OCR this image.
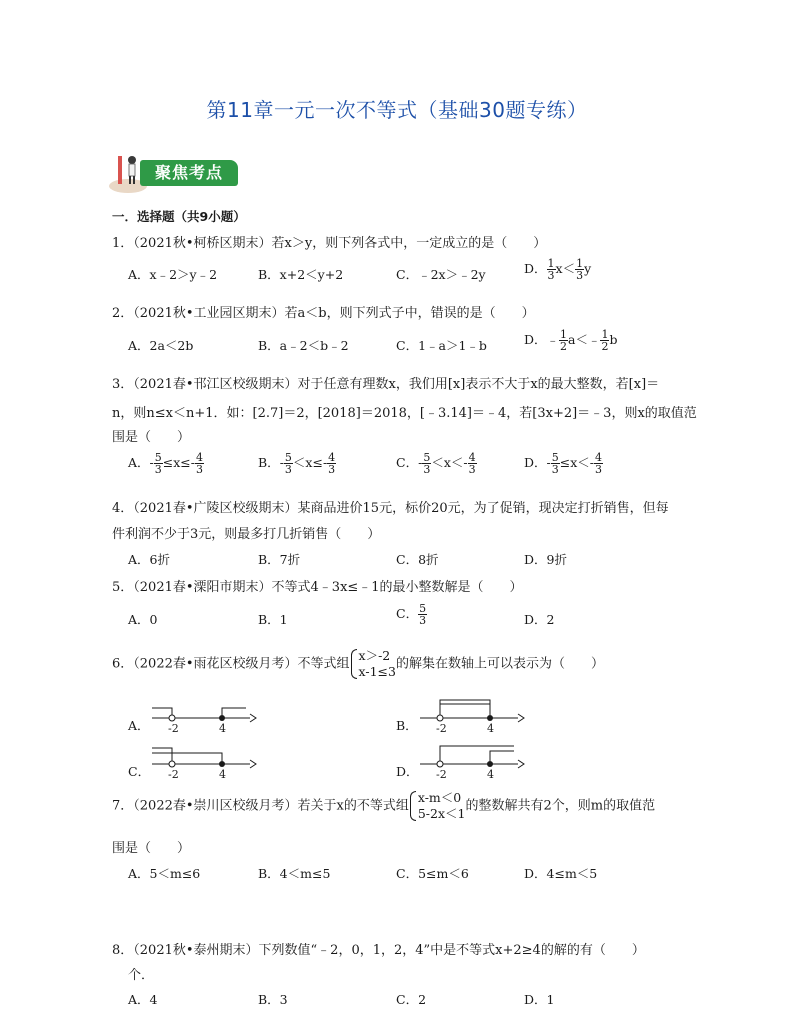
第11章一元一次不等式（基础30题专练）
聚焦考点
一．选择题（共9小题）
1．（2021秋•柯桥区期末）若x＞y，则下列各式中，一定成立的是（　　）
A．x﹣2＞y﹣2	B．x+2＜y+2	C．﹣2x＞﹣2y	D． $\frac{1}{3} x< \frac{1}{3}$ y
2．（2021秋•工业园区期末）若a＜b，则下列式子中，错误的是（　　）
A．2a＜2b	B．a﹣2＜b﹣2	C．1﹣a＞1﹣b	D．﹣ $\frac{1}{2}$ a＜﹣ $\frac{1}{2}$ b
3．（2021春•邗江区校级期末）对于任意有理数x，我们用[x]表示不大于x的最大整数，若[x]＝
n，则n≤x＜n+1．如：[2.7]＝2，[2018]＝2018，[﹣3.14]＝﹣4，若[3x+2]＝﹣3，则x的取值范
围是（　　）
A．- $\frac{5}{3} \le x\le- \frac{4}{3}$	B．- $\frac{5}{3} <x\le- \frac{4}{3}$	C．- $\frac{5}{3} <x<- \frac{4}{3}$	D．- $\frac{5}{3} \le x<- \frac{4}{3}$
4．（2021春•广陵区校级期末）某商品进价15元，标价20元，为了促销，现决定打折销售，但每
件利润不少于3元，则最多打几折销售（　　）
A．6折	B．7折	C．8折	D．9折
5．（2021春•溧阳市期末）不等式4﹣3x≤﹣1的最小整数解是（　　）
A．0	B．1	C． $\frac{5}{3}$	D．2
6．（2022春•雨花区校级月考）不等式组
x＞-2
x-1≤3 的解集在数轴上可以表示为（　　）
A． -2	4	B． -2	4
C． -2	4	D． -2	4
7．（2022春•崇川区校级月考）若关于x的不等式组
x-m＜0
5-2x＜1 的整数解共有2个，则m的取值范
围是（　　）
A．5＜m≤6	B．4＜m≤5	C．5≤m＜6	D．4≤m＜5
8．（2021秋•泰州期末）下列数值“﹣2，0，1，2，4”中是不等式x+2≥4的解的有（　　）
个．
A．4	B．3	C．2	D．1
